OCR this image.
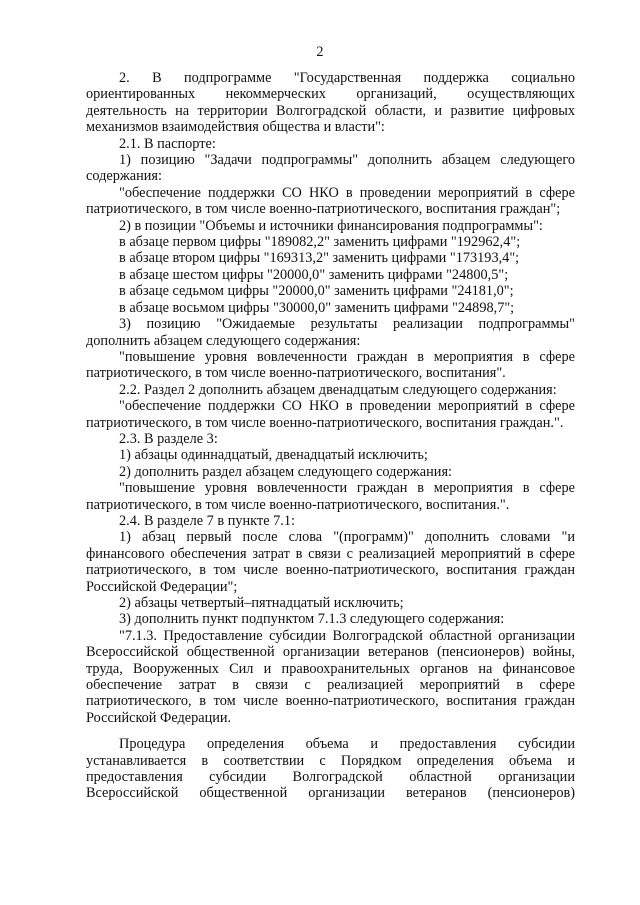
2

2. В подпрограмме "Государственная поддержка социально ориентированных некоммерческих организаций, осуществляющих деятельность на территории Волгоградской области, и развитие цифровых механизмов взаимодействия общества и власти":

2.1. В паспорте:

1) позицию "Задачи подпрограммы" дополнить абзацем следующего содержания:

"обеспечение поддержки СО НКО в проведении мероприятий в сфере патриотического, в том числе военно-патриотического, воспитания граждан";

2) в позиции "Объемы и источники финансирования подпрограммы":

в абзаце первом цифры "189082,2" заменить цифрами "192962,4";

в абзаце втором цифры "169313,2" заменить цифрами "173193,4";

в абзаце шестом цифры "20000,0" заменить цифрами "24800,5";

в абзаце седьмом цифры "20000,0" заменить цифрами "24181,0";

в абзаце восьмом цифры "30000,0" заменить цифрами "24898,7";

3) позицию "Ожидаемые результаты реализации подпрограммы" дополнить абзацем следующего содержания:

"повышение уровня вовлеченности граждан в мероприятия в сфере патриотического, в том числе военно-патриотического, воспитания".

2.2. Раздел 2 дополнить абзацем двенадцатым следующего содержания:

"обеспечение поддержки СО НКО в проведении мероприятий в сфере патриотического, в том числе военно-патриотического, воспитания граждан.".

2.3. В разделе 3:

1) абзацы одиннадцатый, двенадцатый исключить;

2) дополнить раздел абзацем следующего содержания:

"повышение уровня вовлеченности граждан в мероприятия в сфере патриотического, в том числе военно-патриотического, воспитания.".

2.4. В разделе 7 в пункте 7.1:

1) абзац первый после слова "(программ)" дополнить словами "и финансового обеспечения затрат в связи с реализацией мероприятий в сфере патриотического, в том числе военно-патриотического, воспитания граждан Российской Федерации";

2) абзацы четвертый–пятнадцатый исключить;

3) дополнить пункт подпунктом 7.1.3 следующего содержания:

"7.1.3. Предоставление субсидии Волгоградской областной организации Всероссийской общественной организации ветеранов (пенсионеров) войны, труда, Вооруженных Сил и правоохранительных органов на финансовое обеспечение затрат в связи с реализацией мероприятий в сфере патриотического, в том числе военно-патриотического, воспитания граждан Российской Федерации.

Процедура определения объема и предоставления субсидии устанавливается в соответствии с Порядком определения объема и предоставления субсидии Волгоградской областной организации Всероссийской общественной организации ветеранов (пенсионеров)
